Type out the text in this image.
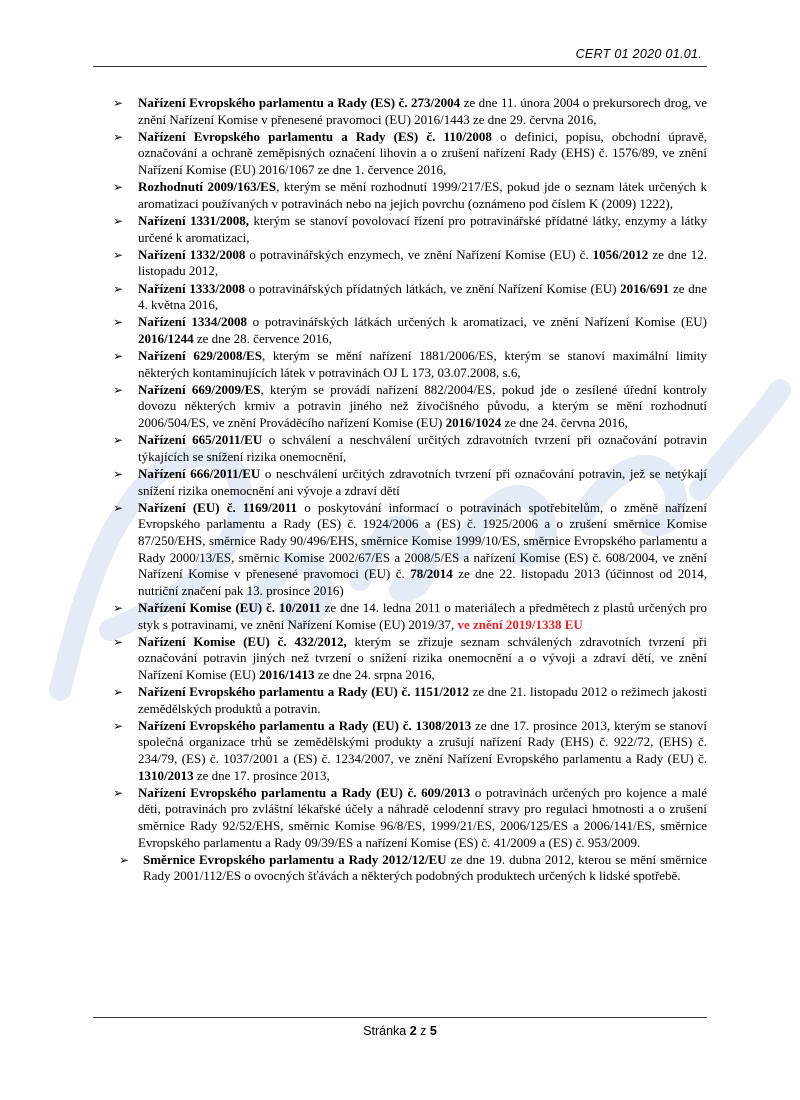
CERT 01 2020 01.01.
➢ Nařízení Evropského parlamentu a Rady (ES) č. 273/2004 ze dne 11. února 2004 o prekursorech drog, ve znění Nařízení Komise v přenesené pravomoci (EU) 2016/1443 ze dne 29. června 2016,
➢ Nařízení Evropského parlamentu a Rady (ES) č. 110/2008 o definici, popisu, obchodní úpravě, označování a ochraně zeměpisných označení lihovin a o zrušení nařízení Rady (EHS) č. 1576/89, ve znění Nařízení Komise (EU) 2016/1067 ze dne 1. července 2016,
➢ Rozhodnutí 2009/163/ES, kterým se mění rozhodnutí 1999/217/ES, pokud jde o seznam látek určených k aromatizaci používaných v potravinách nebo na jejich povrchu (oznámeno pod číslem K (2009) 1222),
➢ Nařízení 1331/2008, kterým se stanoví povolovací řízení pro potravinářské přídatné látky, enzymy a látky určené k aromatizaci,
➢ Nařízení 1332/2008 o potravinářských enzymech, ve znění Nařízení Komise (EU) č. 1056/2012 ze dne 12. listopadu 2012,
➢ Nařízení 1333/2008 o potravinářských přídatných látkách, ve znění Nařízení Komise (EU) 2016/691 ze dne 4. května 2016,
➢ Nařízení 1334/2008 o potravinářských látkách určených k aromatizaci, ve znění Nařízení Komise (EU) 2016/1244 ze dne 28. července 2016,
➢ Nařízení 629/2008/ES, kterým se mění nařízení 1881/2006/ES, kterým se stanoví maximální limity některých kontaminujících látek v potravinách OJ L 173, 03.07.2008, s.6,
➢ Nařízení 669/2009/ES, kterým se provádí nařízení 882/2004/ES, pokud jde o zesílené úřední kontroly dovozu některých krmiv a potravin jiného než živočišného původu, a kterým se mění rozhodnutí 2006/504/ES, ve znění Prováděcího nařízení Komise (EU) 2016/1024 ze dne 24. června 2016,
➢ Nařízení 665/2011/EU o schválení a neschválení určitých zdravotních tvrzení při označování potravin týkajících se snížení rizika onemocnění,
➢ Nařízení 666/2011/EU o neschválení určitých zdravotních tvrzení při označování potravin, jež se netýkají snížení rizika onemocnění ani vývoje a zdraví dětí
➢ Nařízení (EU) č. 1169/2011 o poskytování informací o potravinách spotřebitelům, o změně nařízení Evropského parlamentu a Rady (ES) č. 1924/2006 a (ES) č. 1925/2006 a o zrušení směrnice Komise 87/250/EHS, směrnice Rady 90/496/EHS, směrnice Komise 1999/10/ES, směrnice Evropského parlamentu a Rady 2000/13/ES, směrnic Komise 2002/67/ES a 2008/5/ES a nařízení Komise (ES) č. 608/2004, ve znění Nařízení Komise v přenesené pravomoci (EU) č. 78/2014 ze dne 22. listopadu 2013 (účinnost od 2014, nutriční značení pak 13. prosince 2016)
➢ Nařízení Komise (EU) č. 10/2011 ze dne 14. ledna 2011 o materiálech a předmětech z plastů určených pro styk s potravinami, ve znění Nařízení Komise (EU) 2019/37, ve znění 2019/1338 EU
➢ Nařízení Komise (EU) č. 432/2012, kterým se zřizuje seznam schválených zdravotních tvrzení při označování potravin jiných než tvrzení o snížení rizika onemocnění a o vývoji a zdraví dětí, ve znění Nařízení Komise (EU) 2016/1413 ze dne 24. srpna 2016,
➢ Nařízení Evropského parlamentu a Rady (EU) č. 1151/2012 ze dne 21. listopadu 2012 o režimech jakosti zemědělských produktů a potravin.
➢ Nařízení Evropského parlamentu a Rady (EU) č. 1308/2013 ze dne 17. prosince 2013, kterým se stanoví společná organizace trhů se zemědělskými produkty a zrušují nařízení Rady (EHS) č. 922/72, (EHS) č. 234/79, (ES) č. 1037/2001 a (ES) č. 1234/2007, ve znění Nařízení Evropského parlamentu a Rady (EU) č. 1310/2013 ze dne 17. prosince 2013,
➢ Nařízení Evropského parlamentu a Rady (EU) č. 609/2013 o potravinách určených pro kojence a malé děti, potravinách pro zvláštní lékařské účely a náhradě celodenní stravy pro regulaci hmotnosti a o zrušení směrnice Rady 92/52/EHS, směrnic Komise 96/8/ES, 1999/21/ES, 2006/125/ES a 2006/141/ES, směrnice Evropského parlamentu a Rady 09/39/ES a nařízení Komise (ES) č. 41/2009 a (ES) č. 953/2009.
➢ Směrnice Evropského parlamentu a Rady 2012/12/EU ze dne 19. dubna 2012, kterou se mění směrnice Rady 2001/112/ES o ovocných šťávách a některých podobných produktech určených k lidské spotřebě.
Stránka 2 z 5
